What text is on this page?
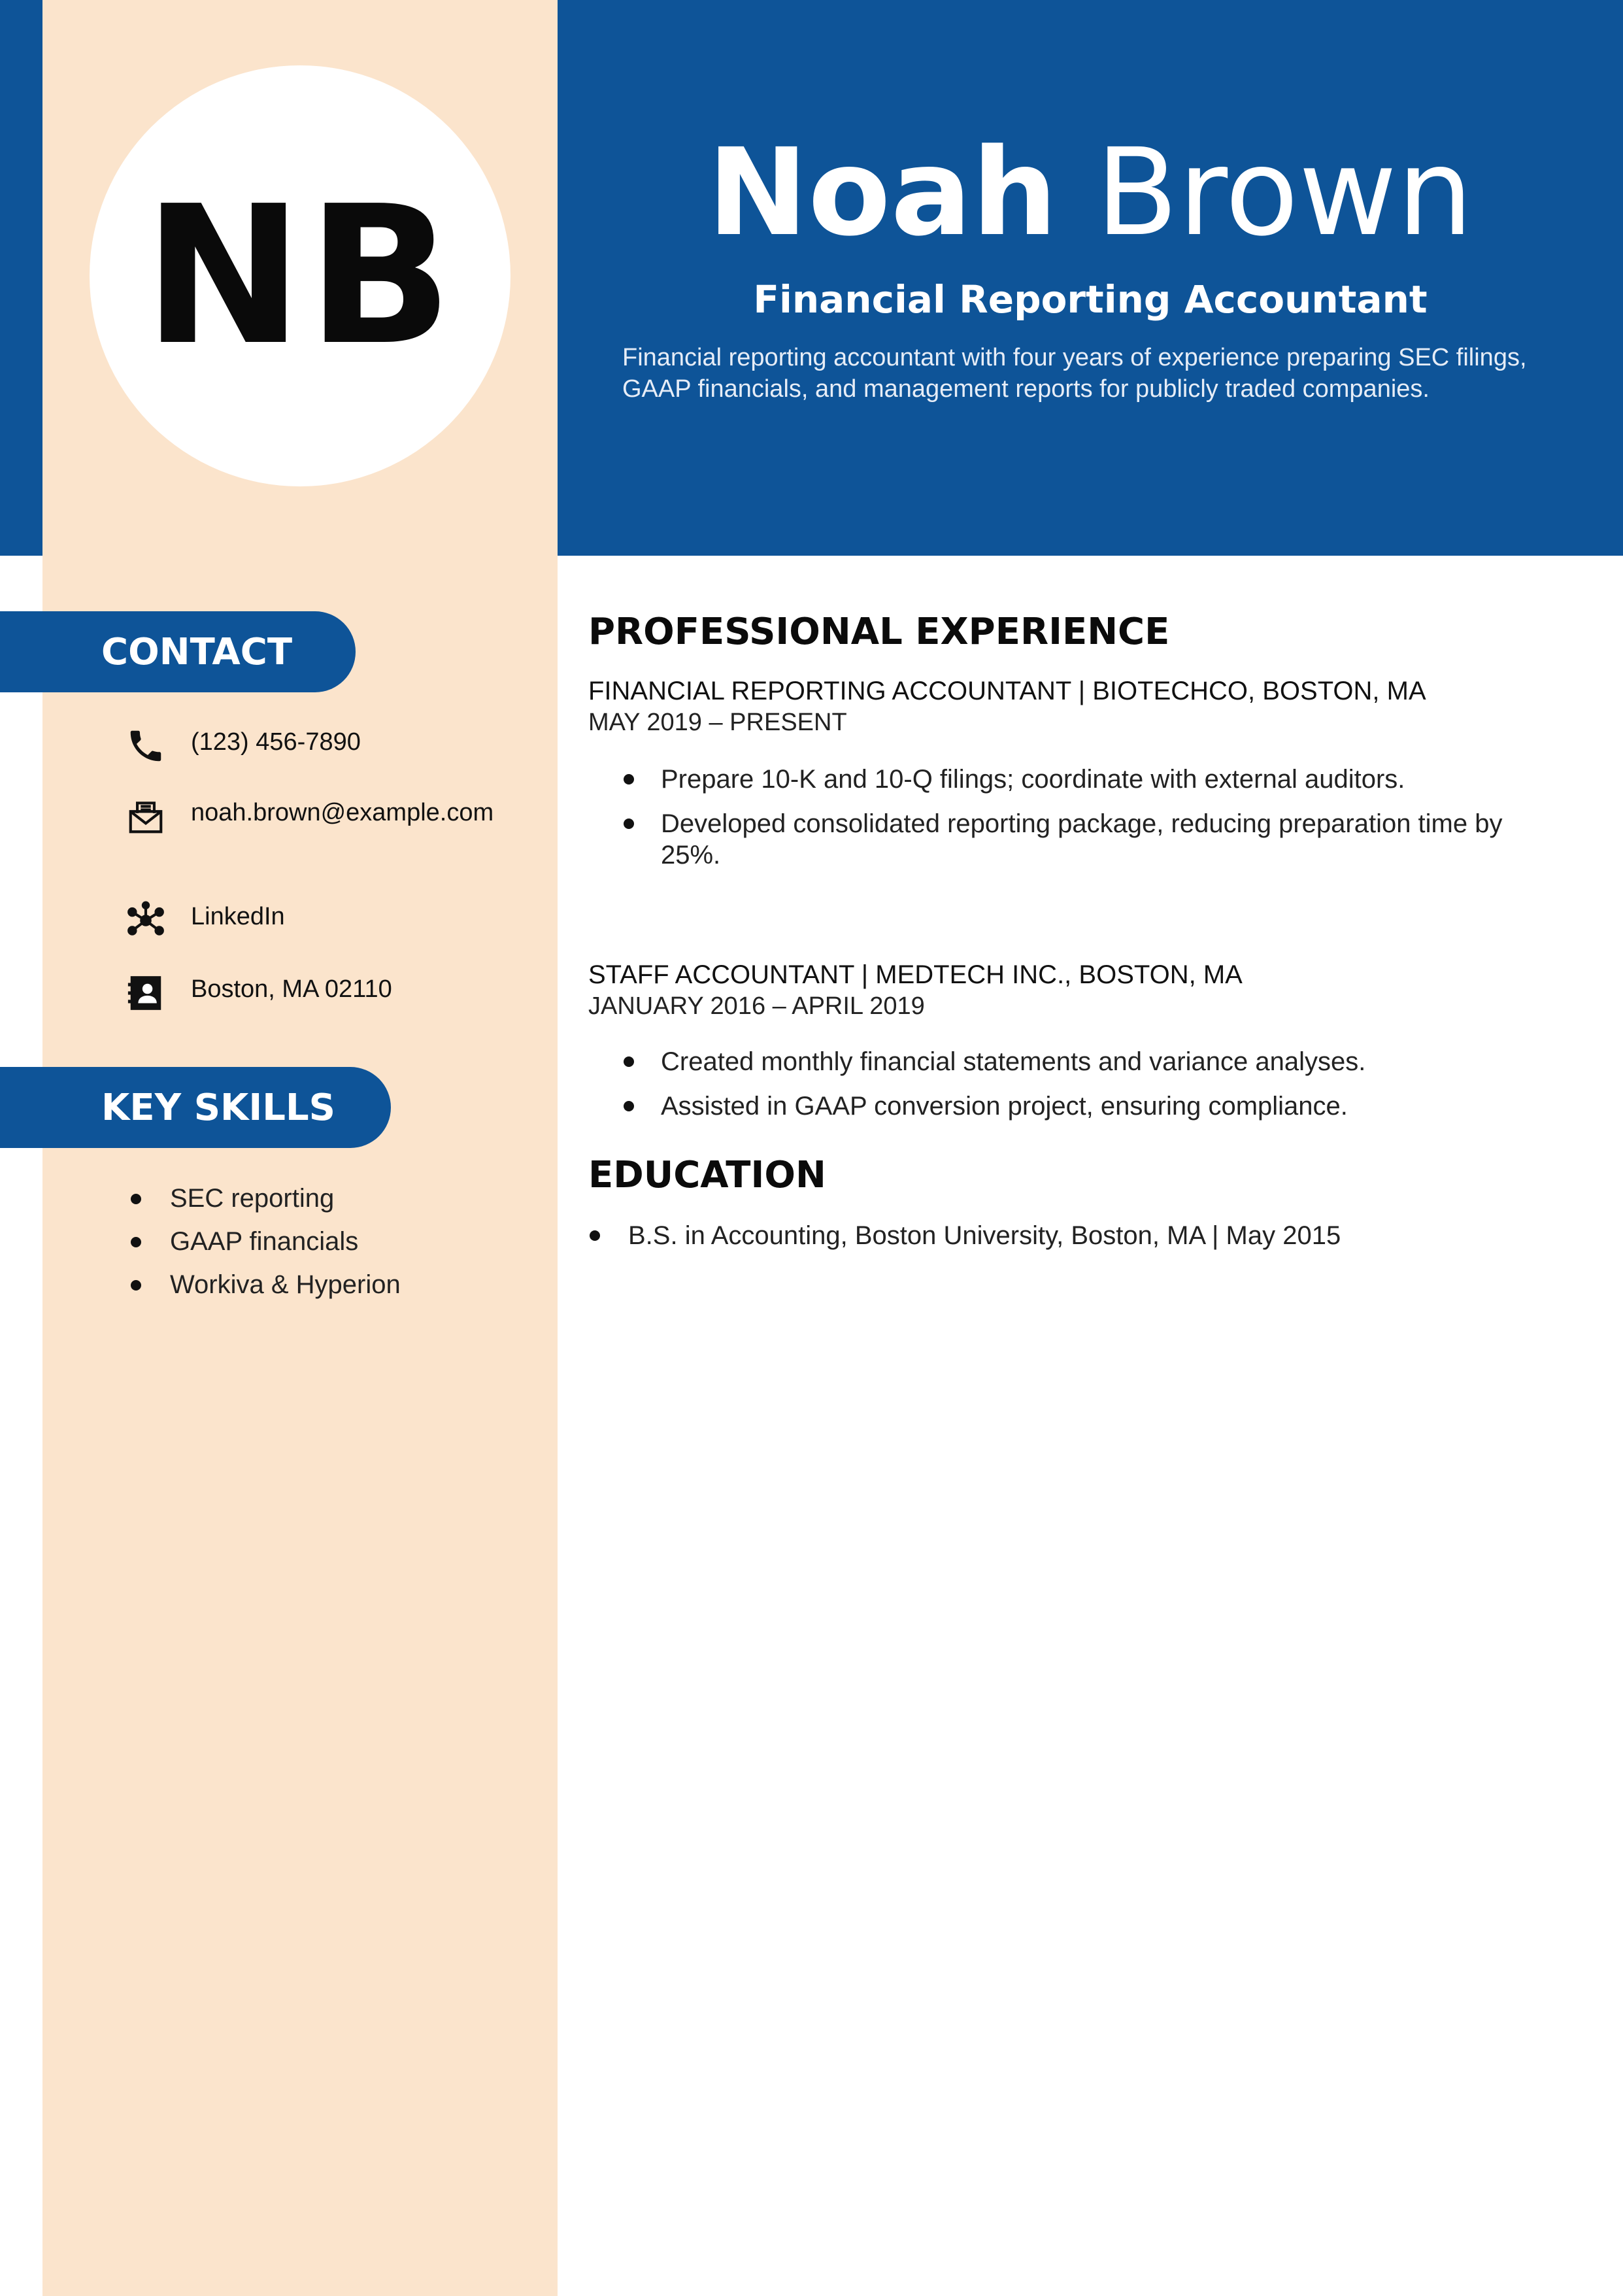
NB	Noah Brown
Financial Reporting Accountant
Financial reporting accountant with four years of experience preparing SEC filings, GAAP financials, and management reports for publicly traded companies.
CONTACT
(123) 456-7890
noah.brown@example.com
LinkedIn
Boston, MA 02110
KEY SKILLS
SEC reporting
GAAP financials
Workiva & Hyperion
PROFESSIONAL EXPERIENCE
FINANCIAL REPORTING ACCOUNTANT | BIOTECHCO, BOSTON, MA
MAY 2019 – PRESENT
Prepare 10-K and 10-Q filings; coordinate with external auditors.
Developed consolidated reporting package, reducing preparation time by 25%.
STAFF ACCOUNTANT | MEDTECH INC., BOSTON, MA
JANUARY 2016 – APRIL 2019
Created monthly financial statements and variance analyses.
Assisted in GAAP conversion project, ensuring compliance.
EDUCATION
B.S. in Accounting, Boston University, Boston, MA | May 2015
